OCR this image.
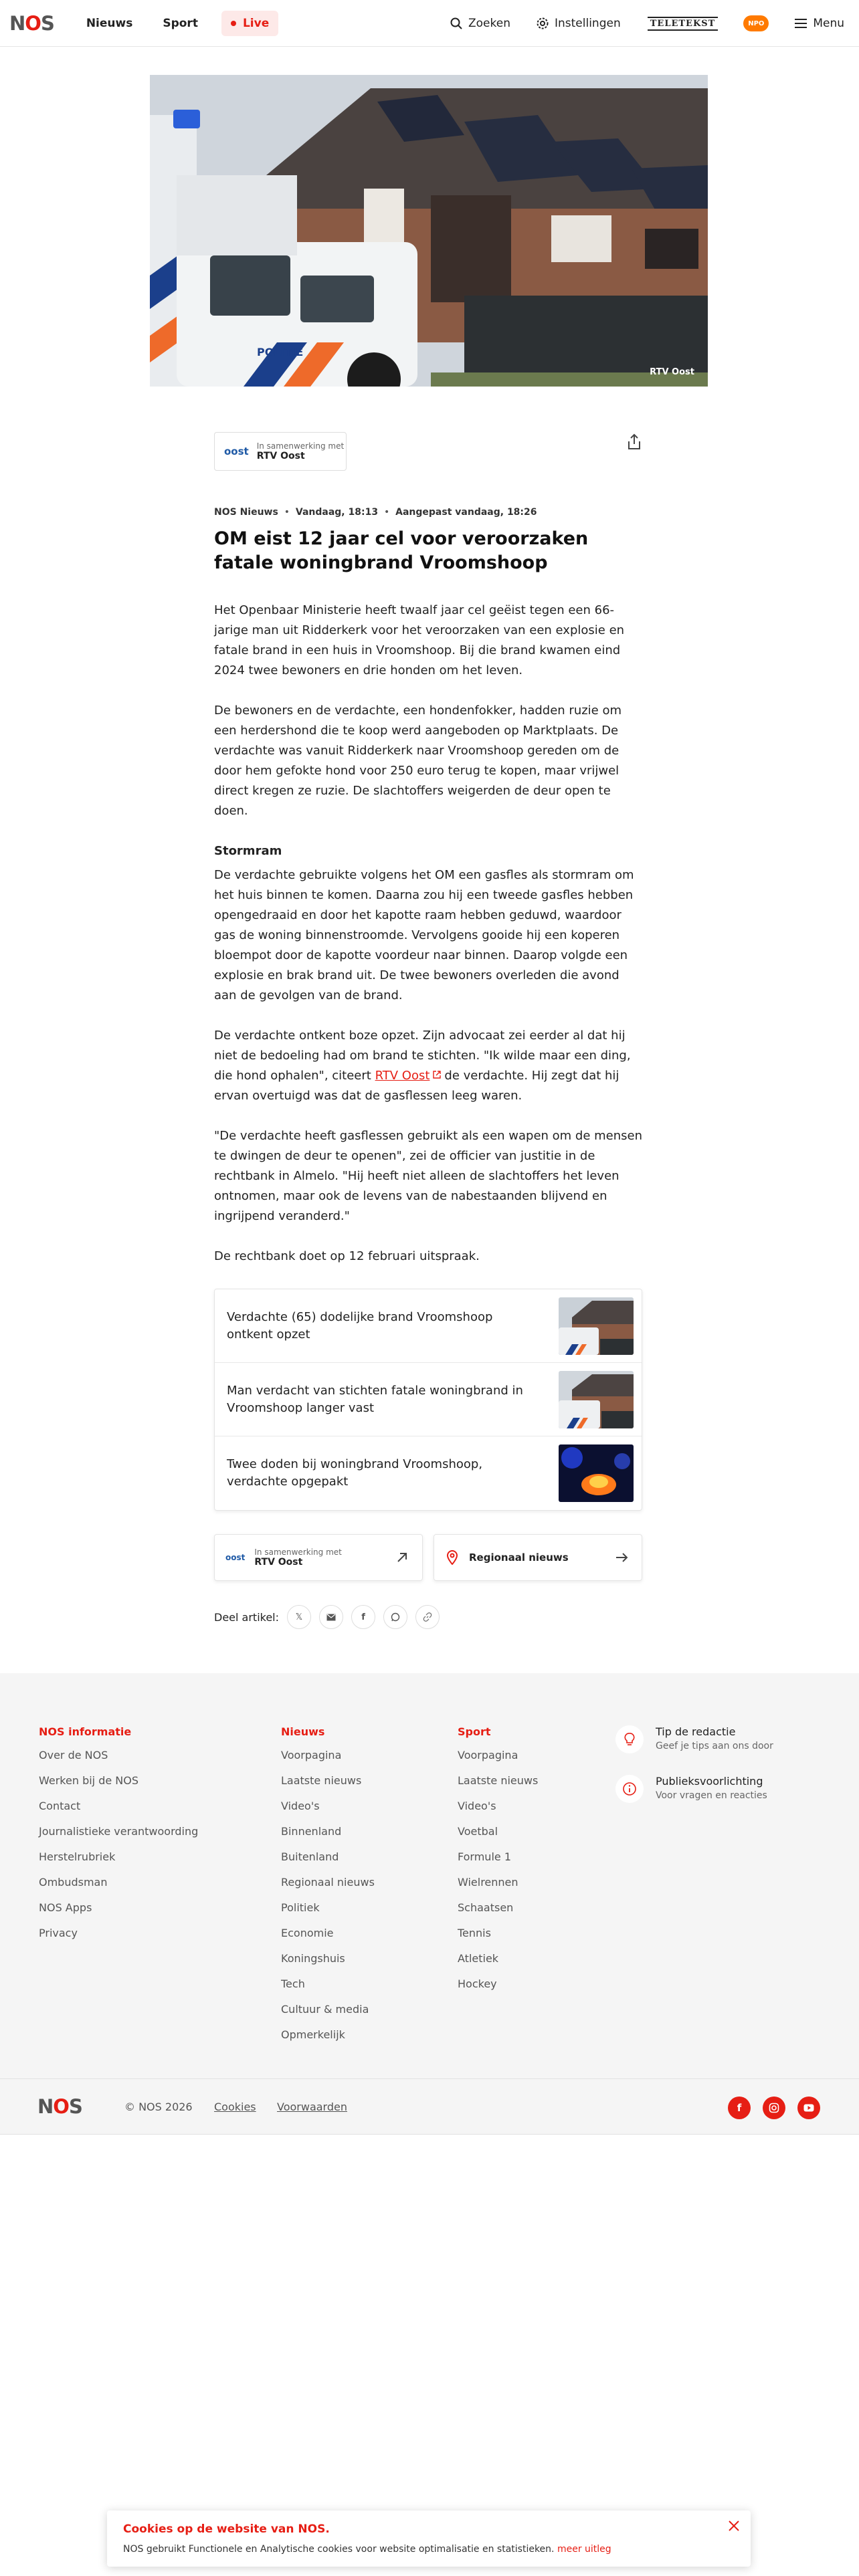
NOS	Nieuws	Sport	Live	Zoeken	Instellingen	TELETEKST	NPO	Menu
POLITIE
RTV Oost
oost In samenwerking met
RTV Oost
NOS Nieuws  •  Vandaag, 18:13  •  Aangepast vandaag, 18:26
OM eist 12 jaar cel voor veroorzaken fatale woningbrand Vroomshoop

Het Openbaar Ministerie heeft twaalf jaar cel geëist tegen een 66-jarige man uit Ridderkerk voor het veroorzaken van een explosie en fatale brand in een huis in Vroomshoop. Bij die brand kwamen eind 2024 twee bewoners en drie honden om het leven.

De bewoners en de verdachte, een hondenfokker, hadden ruzie om een herdershond die te koop werd aangeboden op Marktplaats. De verdachte was vanuit Ridderkerk naar Vroomshoop gereden om de door hem gefokte hond voor 250 euro terug te kopen, maar vrijwel direct kregen ze ruzie. De slachtoffers weigerden de deur open te doen.

Stormram

De verdachte gebruikte volgens het OM een gasfles als stormram om het huis binnen te komen. Daarna zou hij een tweede gasfles hebben opengedraaid en door het kapotte raam hebben geduwd, waardoor gas de woning binnenstroomde. Vervolgens gooide hij een koperen bloempot door de kapotte voordeur naar binnen. Daarop volgde een explosie en brak brand uit. De twee bewoners overleden die avond aan de gevolgen van de brand.

De verdachte ontkent boze opzet. Zijn advocaat zei eerder al dat hij niet de bedoeling had om brand te stichten. "Ik wilde maar een ding, die hond ophalen", citeert RTV Oost de verdachte. Hij zegt dat hij ervan overtuigd was dat de gasflessen leeg waren.

"De verdachte heeft gasflessen gebruikt als een wapen om de mensen te dwingen de deur te openen", zei de officier van justitie in de rechtbank in Almelo. "Hij heeft niet alleen de slachtoffers het leven ontnomen, maar ook de levens van de nabestaanden blijvend en ingrijpend veranderd."

De rechtbank doet op 12 februari uitspraak.

Verdachte (65) dodelijke brand Vroomshoop ontkent opzet
Man verdacht van stichten fatale woningbrand in Vroomshoop langer vast
Twee doden bij woningbrand Vroomshoop, verdachte opgepakt
oost
In samenwerking met
RTV Oost	Regionaal nieuws
Deel artikel: 𝕏	f
NOS informatie
Over de NOS
Werken bij de NOS
Contact
Journalistieke verantwoording
Herstelrubriek
Ombudsman
NOS Apps
Privacy
Nieuws
Voorpagina
Laatste nieuws
Video's
Binnenland
Buitenland
Regionaal nieuws
Politiek
Economie
Koningshuis
Tech
Cultuur & media
Opmerkelijk
Sport
Voorpagina
Laatste nieuws
Video's
Voetbal
Formule 1
Wielrennen
Schaatsen
Tennis
Atletiek
Hockey
Tip de redactie
Geef je tips aan ons door
Publieksvoorlichting
Voor vragen en reacties
NOS	© NOS 2026 Cookies Voorwaarden	f
Cookies op de website van NOS.
NOS gebruikt Functionele en Analytische cookies voor website optimalisatie en statistieken. meer uitleg
